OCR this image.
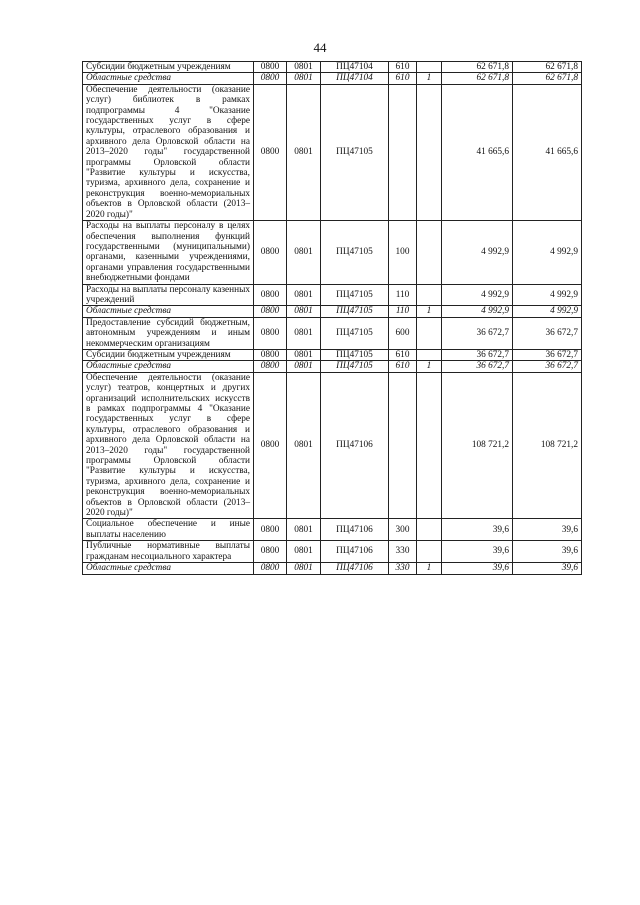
44
Субсидии бюджетным учреждениям	0800	0801	ПЦ47104	610		62 671,8	62 671,8
Областные средства	0800	0801	ПЦ47104	610	1	62 671,8	62 671,8
Обеспечение деятельности (оказание услуг) библиотек в рамках подпрограммы 4 "Оказание государственных услуг в сфере культуры, отраслевого образования и архивного дела Орловской области на 2013–2020 годы" государственной программы Орловской области "Развитие культуры и искусства, туризма, архивного дела, сохранение и реконструкция военно-мемориальных объектов в Орловской области (2013–2020 годы)"	0800	0801	ПЦ47105			41 665,6	41 665,6
Расходы на выплаты персоналу в целях обеспечения выполнения функций государственными (муниципальными) органами, казенными учреждениями, органами управления государственными внебюджетными фондами	0800	0801	ПЦ47105	100		4 992,9	4 992,9
Расходы на выплаты персоналу казенных учреждений	0800	0801	ПЦ47105	110		4 992,9	4 992,9
Областные средства	0800	0801	ПЦ47105	110	1	4 992,9	4 992,9
Предоставление субсидий бюджетным, автономным учреждениям и иным некоммерческим организациям	0800	0801	ПЦ47105	600		36 672,7	36 672,7
Субсидии бюджетным учреждениям	0800	0801	ПЦ47105	610		36 672,7	36 672,7
Областные средства	0800	0801	ПЦ47105	610	1	36 672,7	36 672,7
Обеспечение деятельности (оказание услуг) театров, концертных и других организаций исполнительских искусств в рамках подпрограммы 4 "Оказание государственных услуг в сфере культуры, отраслевого образования и архивного дела Орловской области на 2013–2020 годы" государственной программы Орловской области "Развитие культуры и искусства, туризма, архивного дела, сохранение и реконструкция военно-мемориальных объектов в Орловской области (2013–2020 годы)"	0800	0801	ПЦ47106			108 721,2	108 721,2
Социальное обеспечение и иные выплаты населению	0800	0801	ПЦ47106	300		39,6	39,6
Публичные нормативные выплаты гражданам несоциального характера	0800	0801	ПЦ47106	330		39,6	39,6
Областные средства	0800	0801	ПЦ47106	330	1	39,6	39,6
